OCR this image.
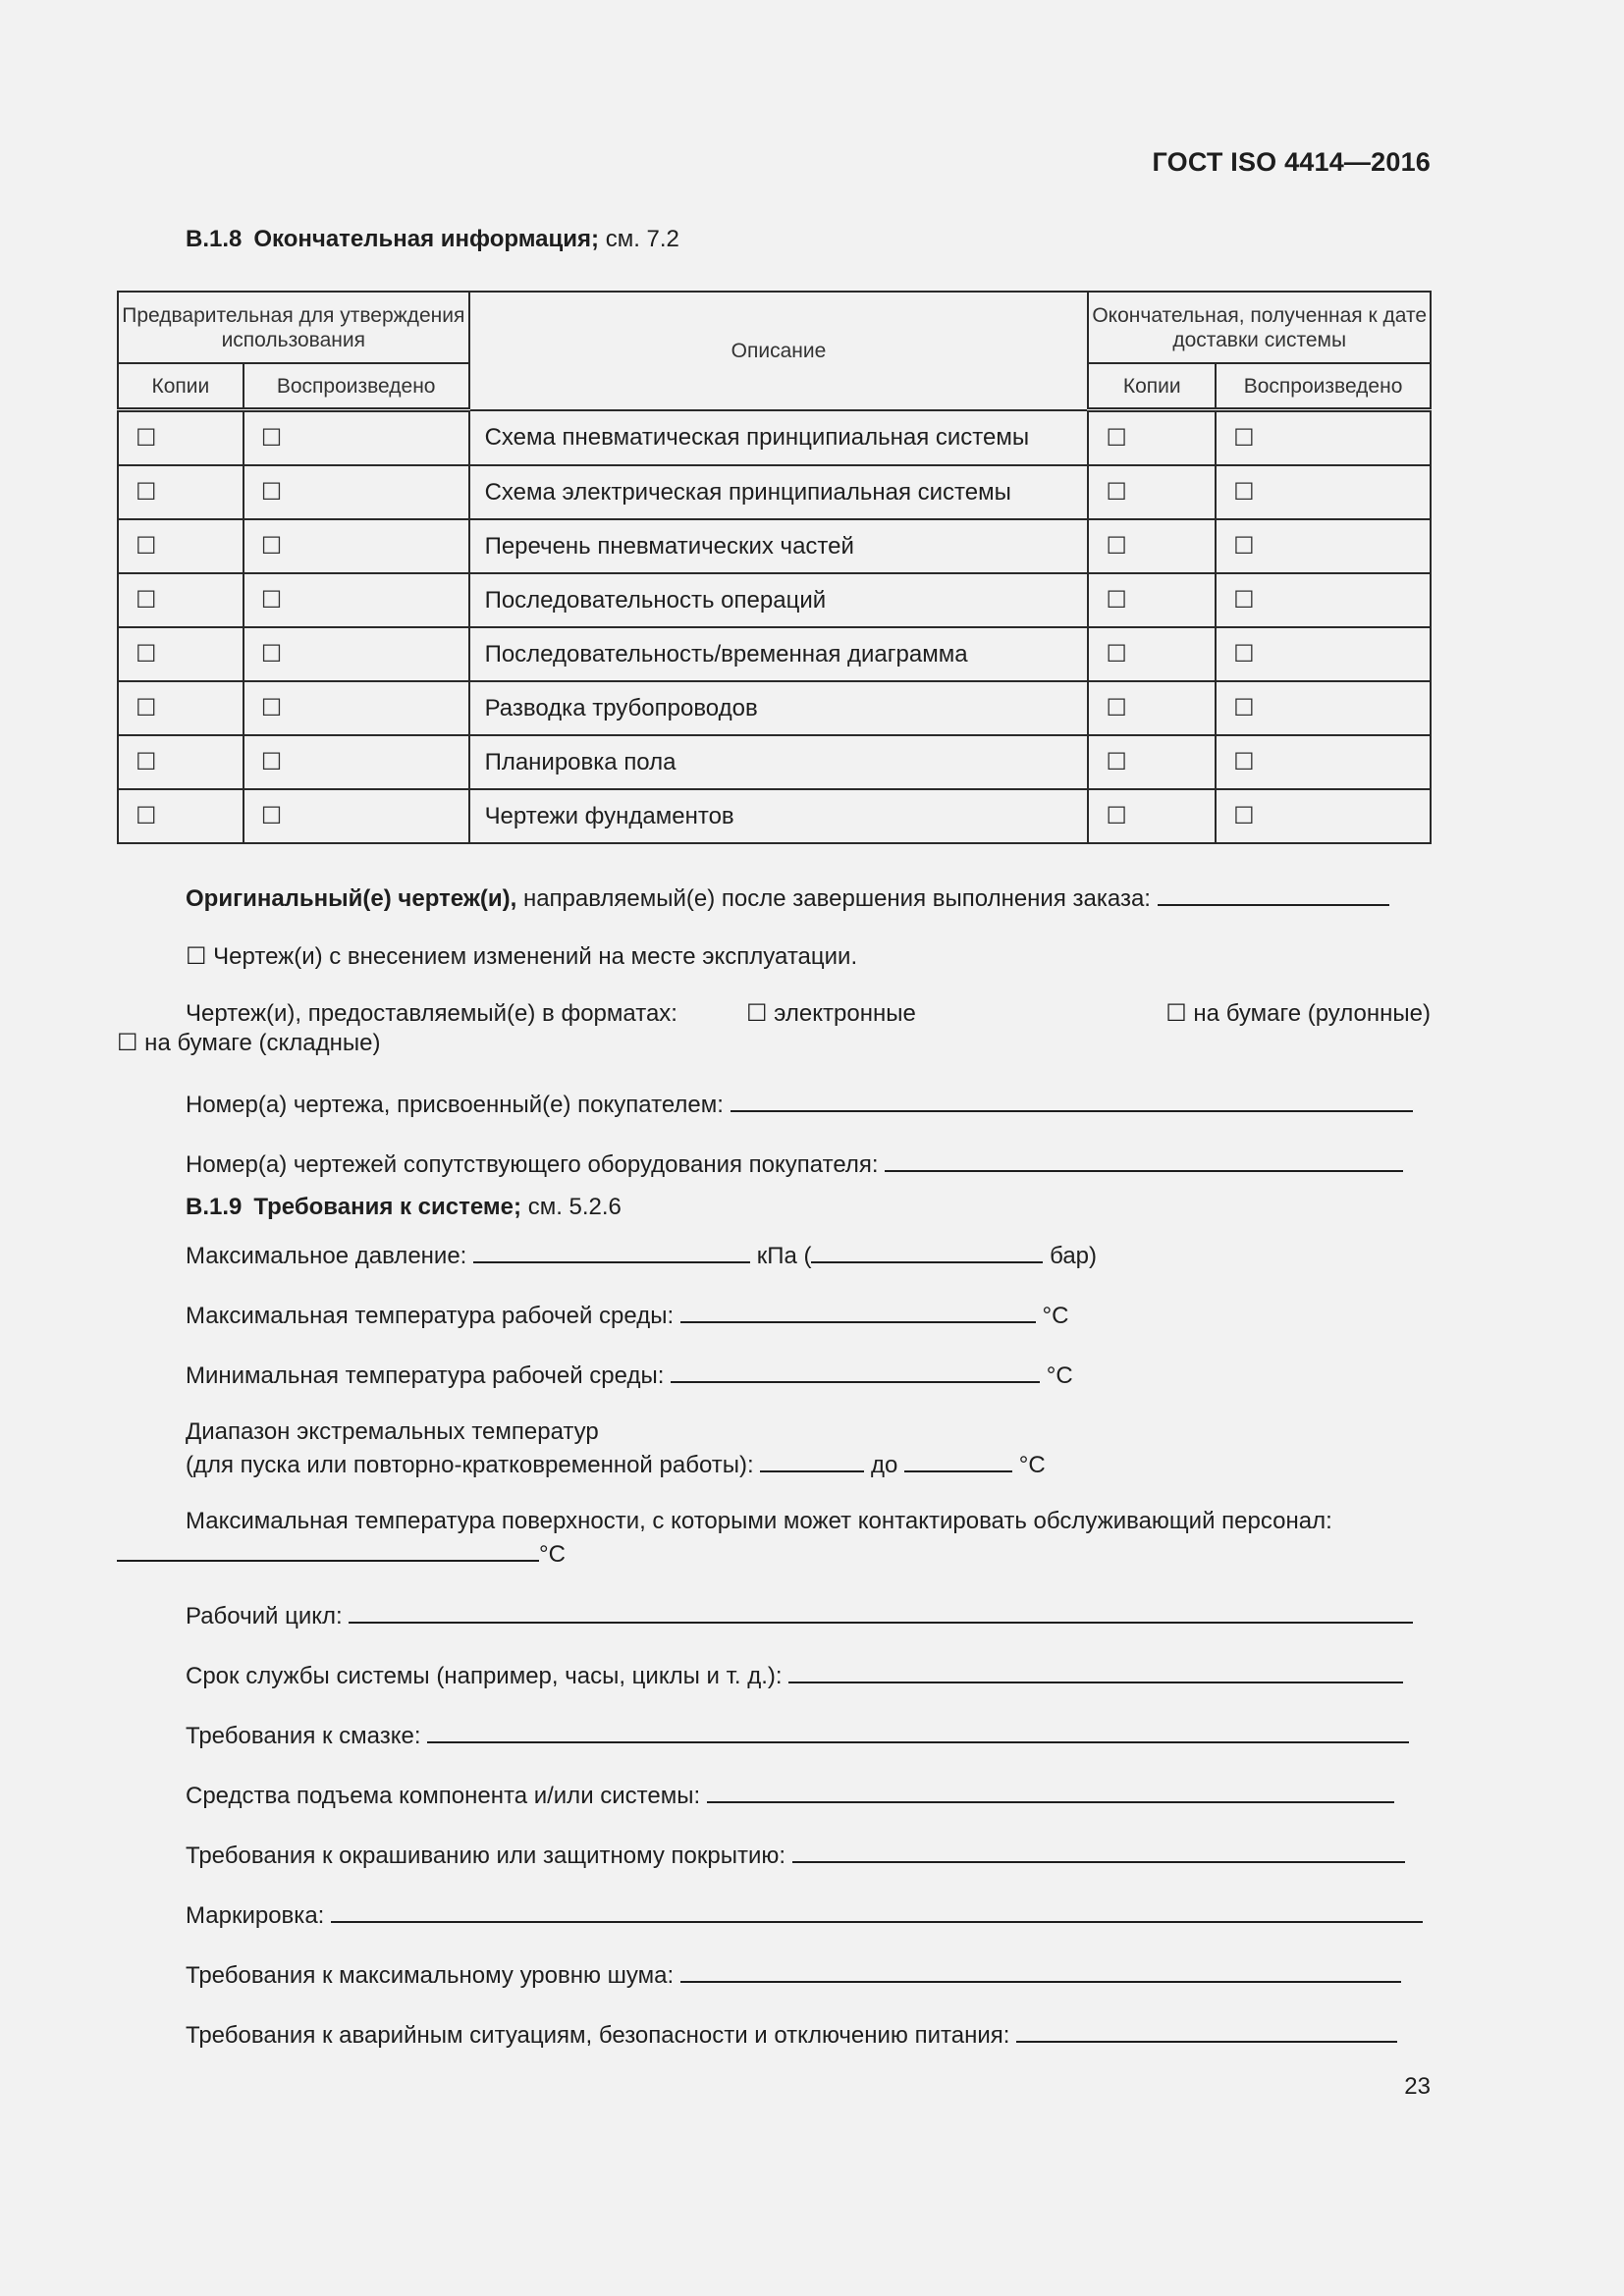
ГОСТ ISO 4414—2016
B.1.8 Окончательная информация; см. 7.2
Предварительная для утверждения использования		Описание	Окончательная, полученная к дате доставки системы	
Копии	Воспроизведено		Копии	Воспроизведено
☐	☐	Схема пневматическая принципиальная системы	☐	☐
☐	☐	Схема электрическая принципиальная системы	☐	☐
☐	☐	Перечень пневматических частей	☐	☐
☐	☐	Последовательность операций	☐	☐
☐	☐	Последовательность/временная диаграмма	☐	☐
☐	☐	Разводка трубопроводов	☐	☐
☐	☐	Планировка пола	☐	☐
☐	☐	Чертежи фундаментов	☐	☐
Оригинальный(е) чертеж(и), направляемый(е) после завершения выполнения заказа:
☐ Чертеж(и) с внесением изменений на месте эксплуатации.
Чертеж(и), предоставляемый(е) в форматах:	☐ электронные	☐ на бумаге (рулонные)
☐ на бумаге (складные)
Номер(а) чертежа, присвоенный(е) покупателем:
Номер(а) чертежей сопутствующего оборудования покупателя:
B.1.9 Требования к системе; см. 5.2.6
Максимальное давление:	кПа (	бар)
Максимальная температура рабочей среды:	°С
Минимальная температура рабочей среды:	°С
Диапазон экстремальных температур
(для пуска или повторно-кратковременной работы):	до	°С
Максимальная температура поверхности, с которыми может контактировать обслуживающий персонал:
°С
Рабочий цикл:
Срок службы системы (например, часы, циклы и т. д.):
Требования к смазке:
Средства подъема компонента и/или системы:
Требования к окрашиванию или защитному покрытию:
Маркировка:
Требования к максимальному уровню шума:
Требования к аварийным ситуациям, безопасности и отключению питания:
23
